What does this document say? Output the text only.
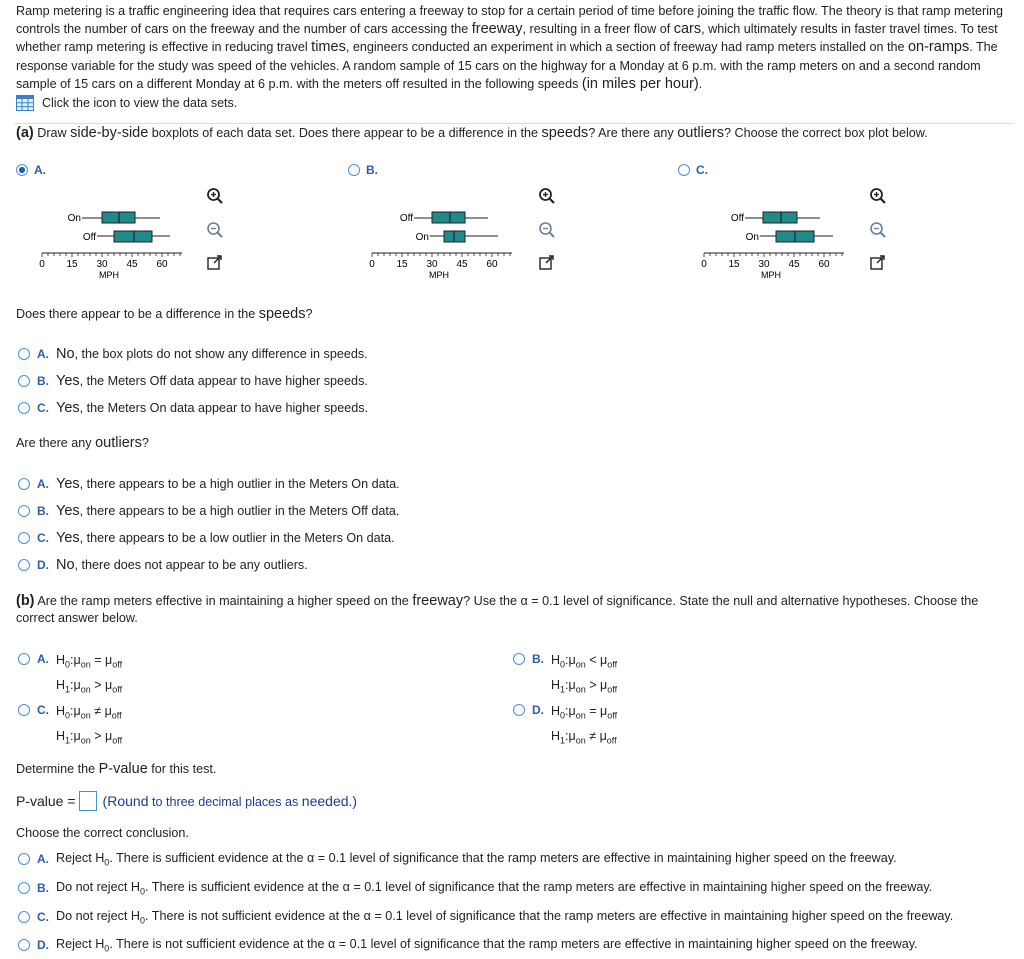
Ramp metering is a traffic engineering idea that requires cars entering a freeway to stop for a certain period of time before joining the traffic flow. The theory is that ramp metering controls the number of cars on the freeway and the number of cars accessing the freeway, resulting in a freer flow of cars, which ultimately results in faster travel times. To test whether ramp metering is effective in reducing travel times, engineers conducted an experiment in which a section of freeway had ramp meters installed on the on-ramps. The response variable for the study was speed of the vehicles. A random sample of 15 cars on the highway for a Monday at 6 p.m. with the ramp meters on and a second random sample of 15 cars on a different Monday at 6 p.m. with the meters off resulted in the following speeds (in miles per hour).
Click the icon to view the data sets.
(a) Draw side-by-side boxplots of each data set. Does there appear to be a difference in the speeds? Are there any outliers? Choose the correct box plot below.
A.
On
Off
0 15 30 45 60
MPH
B.
Off
On
0 15 30 45 60
MPH
C.
Off
On
0 15 30 45 60
MPH
Does there appear to be a difference in the speeds?
A. No, the box plots do not show any difference in speeds.
B. Yes, the Meters Off data appear to have higher speeds.
C. Yes, the Meters On data appear to have higher speeds.
Are there any outliers?
A. Yes, there appears to be a high outlier in the Meters On data.
B. Yes, there appears to be a high outlier in the Meters Off data.
C. Yes, there appears to be a low outlier in the Meters On data.
D. No, there does not appear to be any outliers.
(b) Are the ramp meters effective in maintaining a higher speed on the freeway? Use the α = 0.1 level of significance. State the null and alternative hypotheses. Choose the correct answer below.
A. $H_0:\mu_{on} = \mu_{off}$
$H_1:\mu_{on} > \mu_{off}$
B. $H_0:\mu_{on} < \mu_{off}$
$H_1:\mu_{on} > \mu_{off}$
C. $H_0:\mu_{on} \ne \mu_{off}$
$H_1:\mu_{on} > \mu_{off}$
D. $H_0:\mu_{on} = \mu_{off}$
$H_1:\mu_{on} \ne \mu_{off}$
Determine the P-value for this test.
P-value = (Round to three decimal places as needed.)
Choose the correct conclusion.
A. Reject $H_0$. There is sufficient evidence at the α = 0.1 level of significance that the ramp meters are effective in maintaining higher speed on the freeway.
B. Do not reject $H_0$. There is sufficient evidence at the α = 0.1 level of significance that the ramp meters are effective in maintaining higher speed on the freeway.
C. Do not reject $H_0$. There is not sufficient evidence at the α = 0.1 level of significance that the ramp meters are effective in maintaining higher speed on the freeway.
D. Reject $H_0$. There is not sufficient evidence at the α = 0.1 level of significance that the ramp meters are effective in maintaining higher speed on the freeway.
